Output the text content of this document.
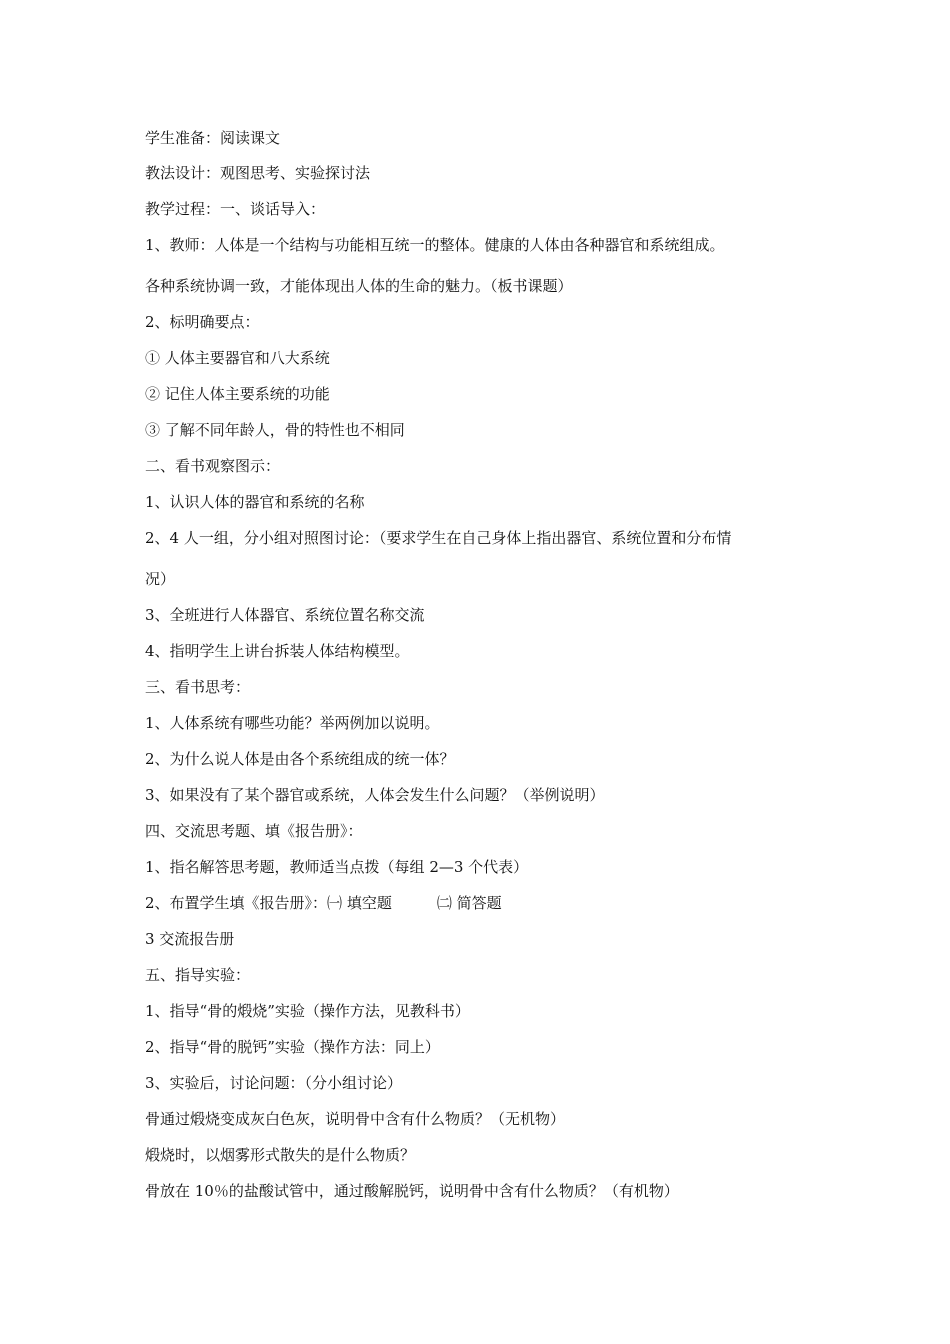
学生准备：阅读课文
教法设计：观图思考、实验探讨法
教学过程：一、谈话导入：
1、教师：人体是一个结构与功能相互统一的整体。健康的人体由各种器官和系统组成。
各种系统协调一致，才能体现出人体的生命的魅力。（板书课题）
2、标明确要点：
① 人体主要器官和八大系统
② 记住人体主要系统的功能
③ 了解不同年龄人，骨的特性也不相同
二、看书观察图示：
1、认识人体的器官和系统的名称
2、4 人一组，分小组对照图讨论：（要求学生在自己身体上指出器官、系统位置和分布情
况）
3、全班进行人体器官、系统位置名称交流
4、指明学生上讲台拆装人体结构模型。
三、看书思考：
1、人体系统有哪些功能？举两例加以说明。
2、为什么说人体是由各个系统组成的统一体？
3、如果没有了某个器官或系统，人体会发生什么问题？（举例说明）
四、交流思考题、填《报告册》：
1、指名解答思考题，教师适当点拨（每组 2—3 个代表）
2、布置学生填《报告册》：㈠ 填空题　　　㈡ 简答题
3 交流报告册
五、指导实验：
1、指导“骨的煅烧”实验（操作方法，见教科书）
2、指导“骨的脱钙”实验（操作方法：同上）
3、实验后，讨论问题：（分小组讨论）
骨通过煅烧变成灰白色灰，说明骨中含有什么物质？（无机物）
煅烧时，以烟雾形式散失的是什么物质？
骨放在 10％的盐酸试管中，通过酸解脱钙，说明骨中含有什么物质？（有机物）
